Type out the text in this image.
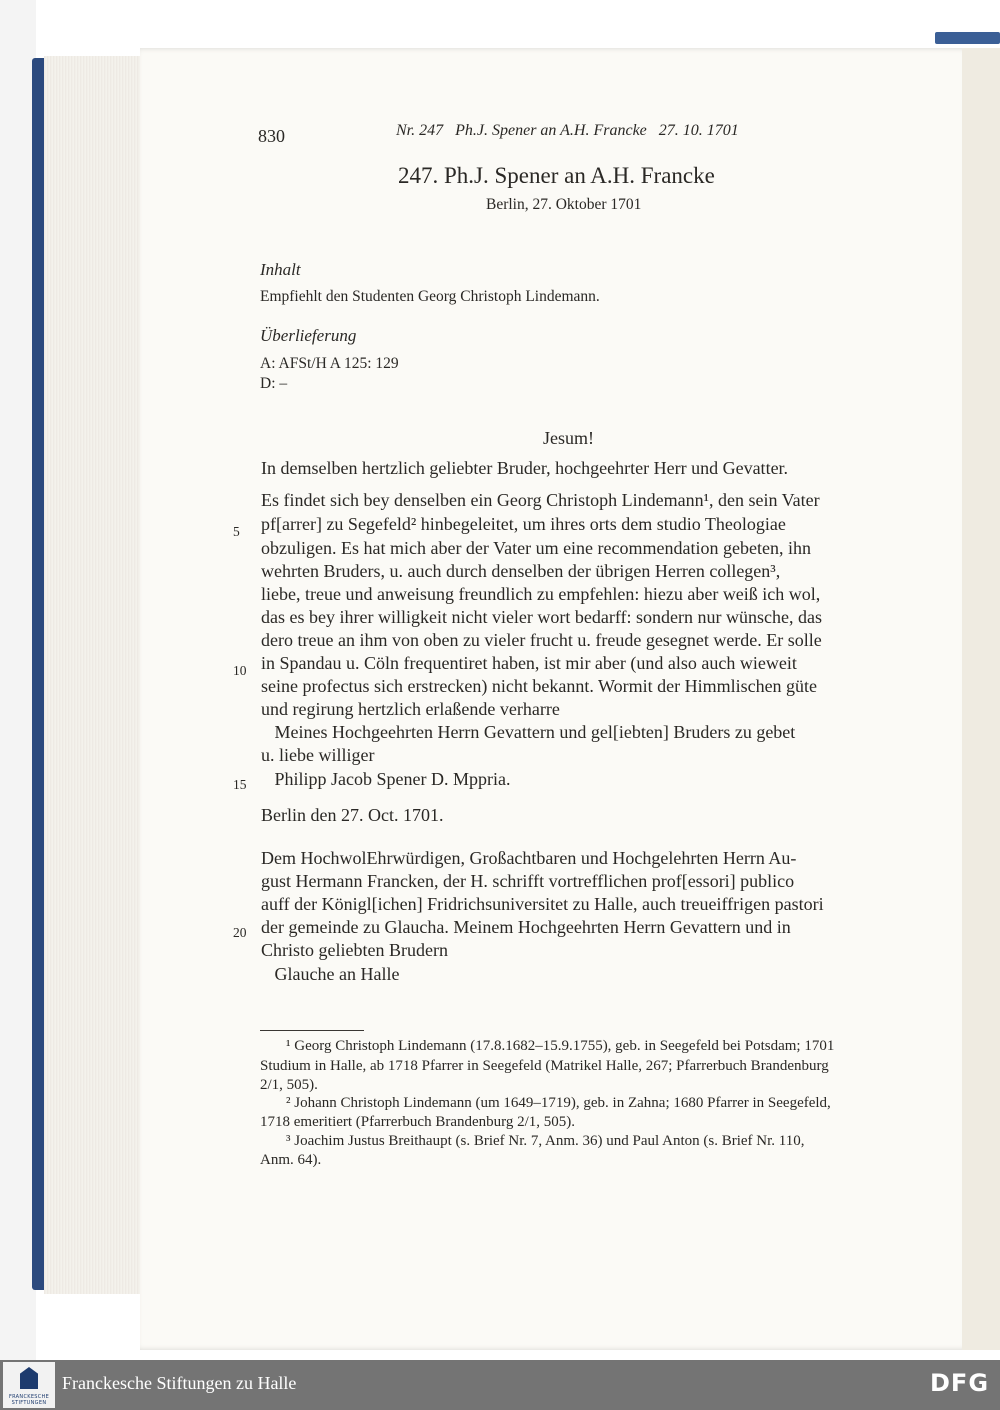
830	Nr. 247   Ph.J. Spener an A.H. Francke   27. 10. 1701
247. Ph.J. Spener an A.H. Francke
Berlin, 27. Oktober 1701
Inhalt
Empfiehlt den Studenten Georg Christoph Lindemann.
Überlieferung
A: AFSt/H A 125: 129
D: –
Jesum!
In demselben hertzlich geliebter Bruder, hochgeehrter Herr und Gevatter.
Es findet sich bey denselben ein Georg Christoph Lindemann¹, den sein Vater
pf[arrer] zu Segefeld² hinbegeleitet, um ihres orts dem studio Theologiae
obzuligen. Es hat mich aber der Vater um eine recommendation gebeten, ihn
wehrten Bruders, u. auch durch denselben der übrigen Herren collegen³,
liebe, treue und anweisung freundlich zu empfehlen: hiezu aber weiß ich wol,
das es bey ihrer willigkeit nicht vieler wort bedarff: sondern nur wünsche, das
dero treue an ihm von oben zu vieler frucht u. freude gesegnet werde. Er solle
in Spandau u. Cöln frequentiret haben, ist mir aber (und also auch wieweit
seine profectus sich erstrecken) nicht bekannt. Wormit der Himmlischen güte
und regirung hertzlich erlaßende verharre
Meines Hochgeehrten Herrn Gevattern und gel[iebten] Bruders zu gebet
u. liebe williger
Philipp Jacob Spener D. Mppria.
Berlin den 27. Oct. 1701.
Dem HochwolEhrwürdigen, Großachtbaren und Hochgelehrten Herrn Au-
gust Hermann Francken, der H. schrifft vortrefflichen prof[essori] publico
auff der Königl[ichen] Fridrichsuniversitet zu Halle, auch treueiffrigen pastori
der gemeinde zu Glaucha. Meinem Hochgeehrten Herrn Gevattern und in
Christo geliebten Brudern
Glauche an Halle
5
10
15
20
¹ Georg Christoph Lindemann (17.8.1682–15.9.1755), geb. in Seegefeld bei Potsdam; 1701
Studium in Halle, ab 1718 Pfarrer in Seegefeld (Matrikel Halle, 267; Pfarrerbuch Brandenburg
2/1, 505).
² Johann Christoph Lindemann (um 1649–1719), geb. in Zahna; 1680 Pfarrer in Seegefeld,
1718 emeritiert (Pfarrerbuch Brandenburg 2/1, 505).
³ Joachim Justus Breithaupt (s. Brief Nr. 7, Anm. 36) und Paul Anton (s. Brief Nr. 110,
Anm. 64).
FRANCKESCHE STIFTUNGEN
Franckesche Stiftungen zu Halle	DFG
